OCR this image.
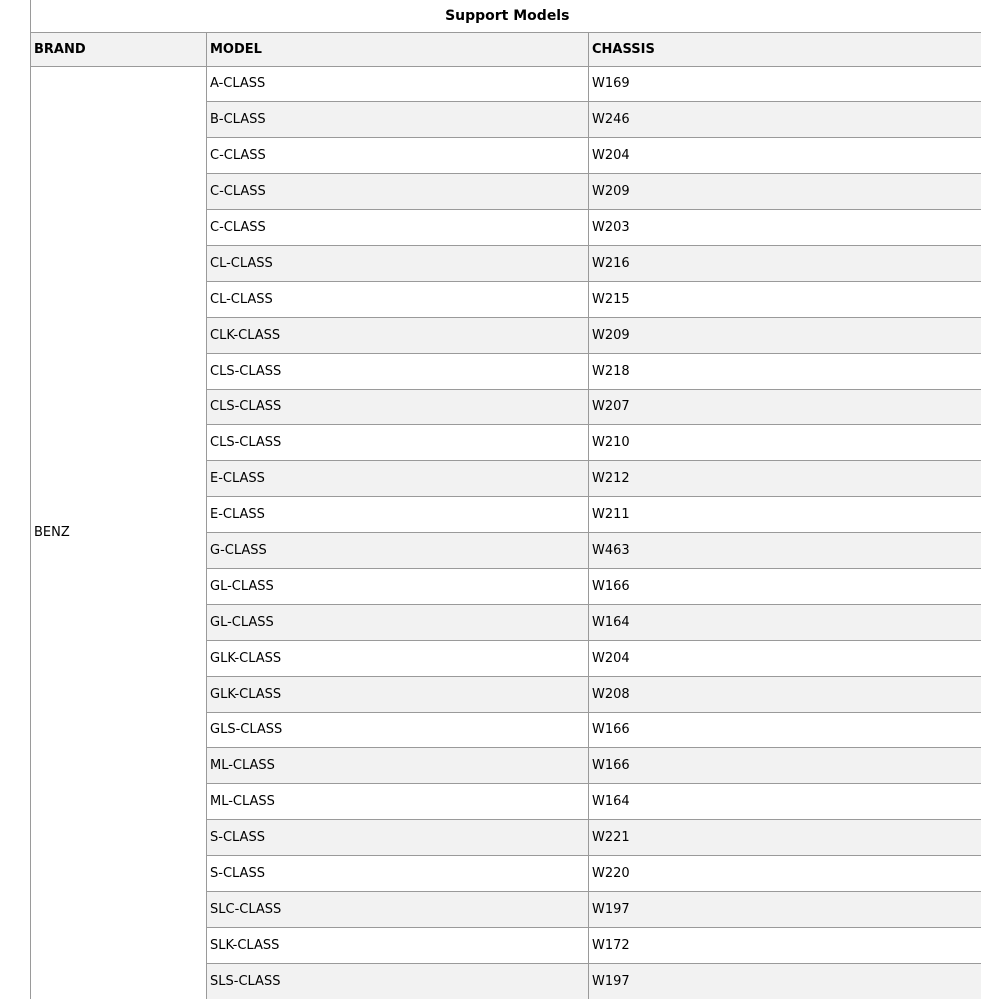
Support Models		
BRAND	MODEL	CHASSIS
BENZ	A-CLASS	W169
	B-CLASS	W246
	C-CLASS	W204
	C-CLASS	W209
	C-CLASS	W203
	CL-CLASS	W216
	CL-CLASS	W215
	CLK-CLASS	W209
	CLS-CLASS	W218
	CLS-CLASS	W207
	CLS-CLASS	W210
	E-CLASS	W212
	E-CLASS	W211
	G-CLASS	W463
	GL-CLASS	W166
	GL-CLASS	W164
	GLK-CLASS	W204
	GLK-CLASS	W208
	GLS-CLASS	W166
	ML-CLASS	W166
	ML-CLASS	W164
	S-CLASS	W221
	S-CLASS	W220
	SLC-CLASS	W197
	SLK-CLASS	W172
	SLS-CLASS	W197
